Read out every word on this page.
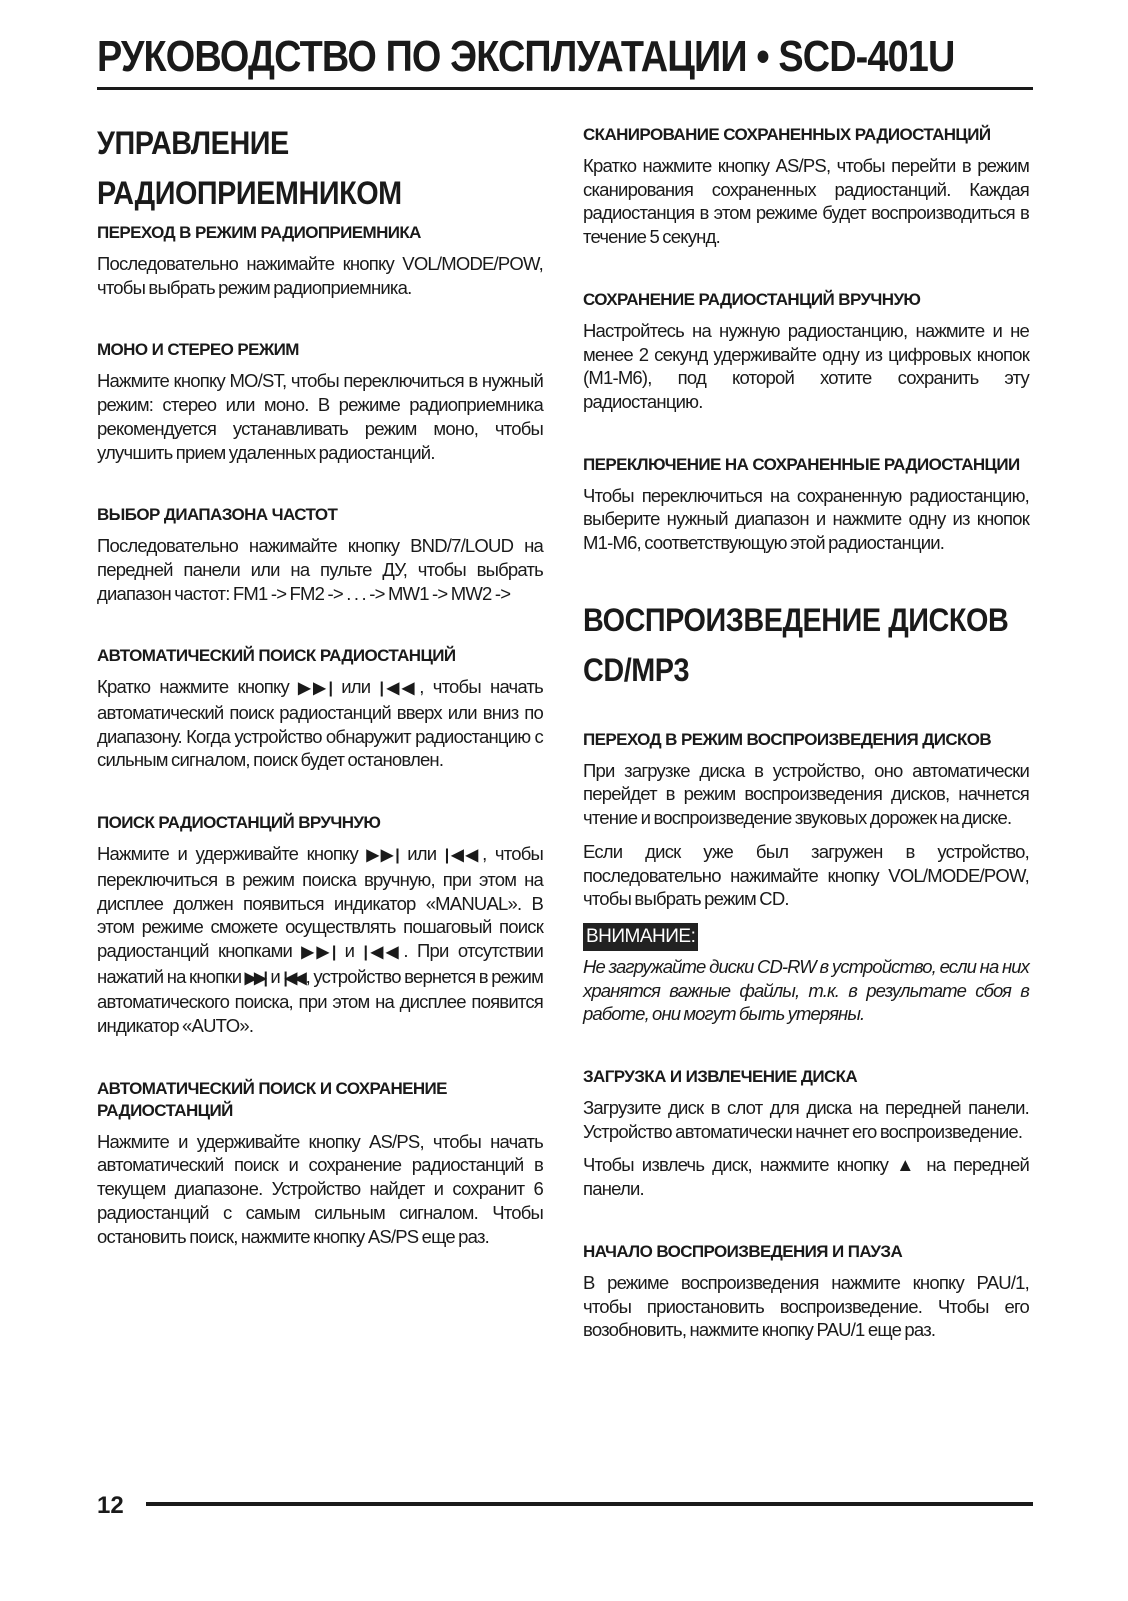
РУКОВОДСТВО ПО ЭКСПЛУАТАЦИИ • SCD-401U
УПРАВЛЕНИЕ
РАДИОПРИЕМНИКОМ
ПЕРЕХОД В РЕЖИМ РАДИОПРИЕМНИКА

Последовательно нажимайте кнопку VOL/MODE/POW, чтобы выбрать режим радиоприемника.

МОНО И СТЕРЕО РЕЖИМ

Нажмите кнопку MO/ST, чтобы переключиться в нужный режим: стерео или моно. В режиме радиоприемника рекомендуется устанавливать режим моно, чтобы улучшить прием удаленных радиостанций.

ВЫБОР ДИАПАЗОНА ЧАСТОТ

Последовательно нажимайте кнопку BND/7/LOUD на передней панели или на пульте ДУ, чтобы выбрать диапазон частот: FM1 -> FM2 -> . . . -> MW1 -> MW2 ->

АВТОМАТИЧЕСКИЙ ПОИСК РАДИОСТАНЦИЙ

Кратко нажмите кнопку ▶▶| или |◀◀ , чтобы начать автоматический поиск радиостанций вверх или вниз по диапазону. Когда устройство обнаружит радиостанцию с сильным сигналом, поиск будет остановлен.

ПОИСК РАДИОСТАНЦИЙ ВРУЧНУЮ

Нажмите и удерживайте кнопку ▶▶| или |◀◀ , чтобы переключиться в режим поиска вручную, при этом на дисплее должен появиться индикатор «MANUAL». В этом режиме сможете осуществлять пошаговый поиск радиостанций кнопками ▶▶| и |◀◀ . При отсутствии нажатий на кнопки ▶▶| и |◀◀ , устройство вернется в режим автоматического поиска, при этом на дисплее появится индикатор «AUTO».

АВТОМАТИЧЕСКИЙ ПОИСК И СОХРАНЕНИЕ
РАДИОСТАНЦИЙ

Нажмите и удерживайте кнопку AS/PS, чтобы начать автоматический поиск и сохранение радиостанций в текущем диапазоне. Устройство найдет и сохранит 6 радиостанций с самым сильным сигналом. Чтобы остановить поиск, нажмите кнопку AS/PS еще раз.

СКАНИРОВАНИЕ СОХРАНЕННЫХ РАДИОСТАНЦИЙ

Кратко нажмите кнопку AS/PS, чтобы перейти в режим сканирования сохраненных радиостанций. Каждая радиостанция в этом режиме будет воспроизводиться в течение 5 секунд.

СОХРАНЕНИЕ РАДИОСТАНЦИЙ ВРУЧНУЮ

Настройтесь на нужную радиостанцию, нажмите и не менее 2 секунд удерживайте одну из цифровых кнопок (M1-M6), под которой хотите сохранить эту радиостанцию.

ПЕРЕКЛЮЧЕНИЕ НА СОХРАНЕННЫЕ РАДИОСТАНЦИИ

Чтобы переключиться на сохраненную радиостанцию, выберите нужный диапазон и нажмите одну из кнопок M1-M6, соответствующую этой радиостанции.

ВОСПРОИЗВЕДЕНИЕ ДИСКОВ
CD/MP3
ПЕРЕХОД В РЕЖИМ ВОСПРОИЗВЕДЕНИЯ ДИСКОВ

При загрузке диска в устройство, оно автоматически перейдет в режим воспроизведения дисков, начнется чтение и воспроизведение звуковых дорожек на диске.

Если диск уже был загружен в устройство, последовательно нажимайте кнопку VOL/MODE/POW, чтобы выбрать режим CD.

ВНИМАНИЕ:

Не загружайте диски CD-RW в устройство, если на них хранятся важные файлы, т.к. в результате сбоя в работе, они могут быть утеряны.

ЗАГРУЗКА И ИЗВЛЕЧЕНИЕ ДИСКА

Загрузите диск в слот для диска на передней панели. Устройство автоматически начнет его воспроизведение.

Чтобы извлечь диск, нажмите кнопку ▲ на передней панели.

НАЧАЛО ВОСПРОИЗВЕДЕНИЯ И ПАУЗА

В режиме воспроизведения нажмите кнопку PAU/1, чтобы приостановить воспроизведение. Чтобы его возобновить, нажмите кнопку PAU/1 еще раз.

12
